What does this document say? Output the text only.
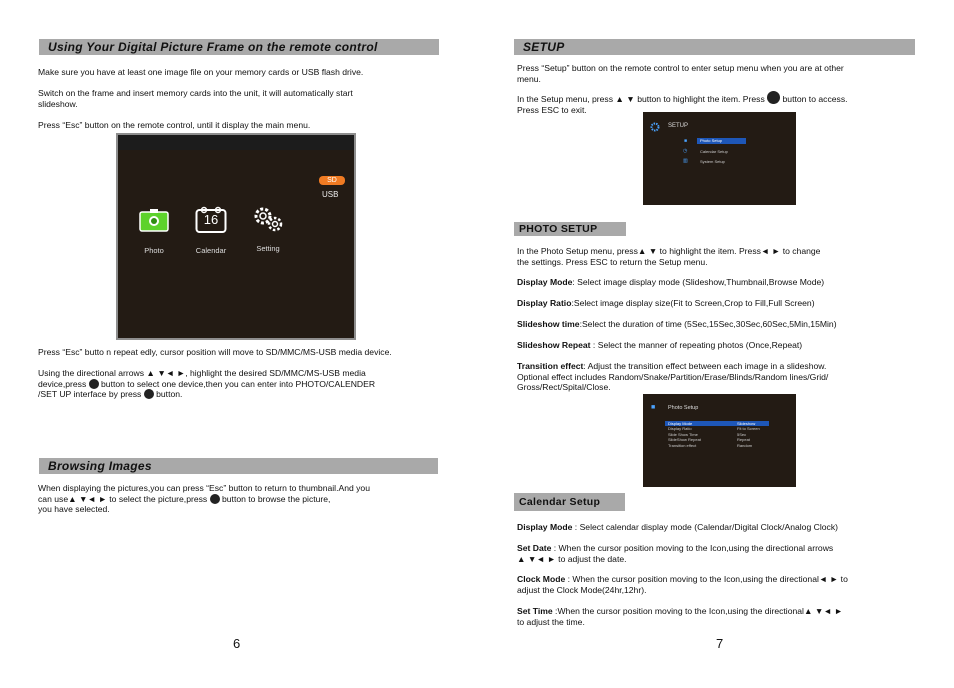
Using Your Digital Picture Frame on the remote control
Make sure you have at least one image file on your memory cards or USB flash drive.
Switch on the frame and insert memory cards into the unit, it will automatically start
slideshow.
Press “Esc” button on the remote control, until it display the main menu.
SD
USB
16
Photo	Calendar	Setting
Press “Esc” butto n repeat edly, cursor position will move to SD/MMC/MS-USB media device.
Using the directional arrows ▲ ▼◄ ►, highlight the desired SD/MMC/MS-USB media
device,press button to select one device,then you can enter into PHOTO/CALENDER
/SET UP interface by press button.
Browsing Images
When displaying the pictures,you can press “Esc” button to return to thumbnail.And you
can use▲ ▼◄ ► to select the picture,press button to browse the picture,
you have selected.
6
SETUP
Press “Setup” button on the remote control to enter setup menu when you are at other
menu.
In the Setup menu, press ▲ ▼ button to highlight the item. Press button to access.
Press ESC to exit.
SETUP
■
◷
▥
Photo Setup
Calendar Setup
System Setup
PHOTO SETUP
In the Photo Setup menu, press▲ ▼ to highlight the item. Press◄ ► to change
the settings. Press ESC to return the Setup menu.
Display Mode: Select image display mode (Slideshow,Thumbnail,Browse Mode)
Display Ratio:Select image display size(Fit to Screen,Crop to Fill,Full Screen)
Slideshow time:Select the duration of time (5Sec,15Sec,30Sec,60Sec,5Min,15Min)
Slideshow Repeat : Select the manner of repeating photos (Once,Repeat)
Transition effect: Adjust the transition effect between each image in a slideshow.
Optional effect includes Random/Snake/Partition/Erase/Blinds/Random lines/Grid/
Gross/Rect/Spital/Close.
■ Photo Setup
Display Mode
Display Ratio
Slide Show Time
SlideShow Repeat
Transition effect
Slideshow
Fit to Screen
5Sec
Repeat
Random
Calendar Setup
Display Mode : Select calendar display mode (Calendar/Digital Clock/Analog Clock)
Set Date : When the cursor position moving to the Icon,using the directional arrows
▲ ▼◄ ► to adjust the date.
Clock Mode : When the cursor position moving to the Icon,using the directional◄ ► to
adjust the Clock Mode(24hr,12hr).
Set Time :When the cursor position moving to the Icon,using the directional▲ ▼◄ ►
to adjust the time.
7
